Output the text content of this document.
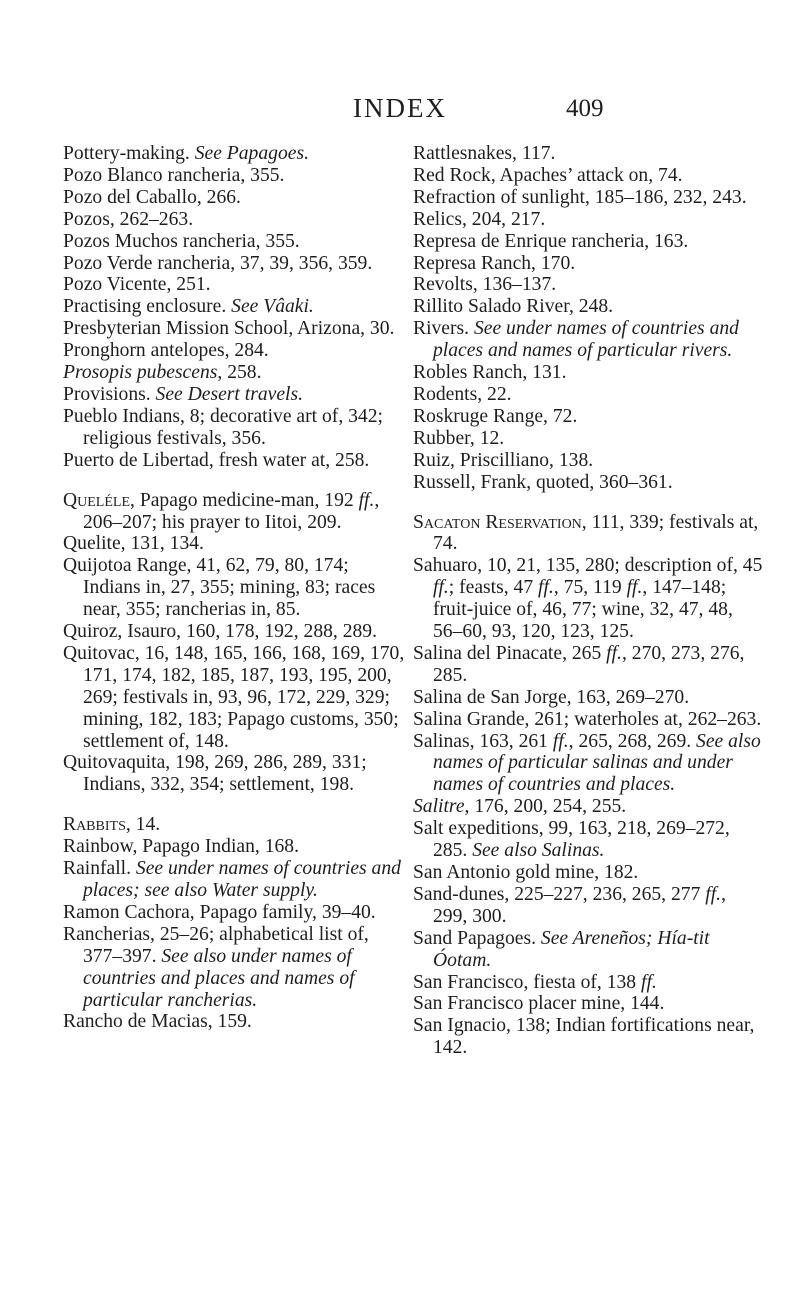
INDEX	409

Pottery-making. See Papagoes.

Pozo Blanco rancheria, 355.

Pozo del Caballo, 266.

Pozos, 262–263.

Pozos Muchos rancheria, 355.

Pozo Verde rancheria, 37, 39, 356, 359.

Pozo Vicente, 251.

Practising enclosure. See Vâaki.

Presbyterian Mission School, Arizona, 30.

Pronghorn antelopes, 284.

Prosopis pubescens, 258.

Provisions. See Desert travels.

Pueblo Indians, 8; decorative art of, 342; religious festivals, 356.

Puerto de Libertad, fresh water at, 258.

Queléle, Papago medicine-man, 192 ff., 206–207; his prayer to Iitoi, 209.

Quelite, 131, 134.

Quijotoa Range, 41, 62, 79, 80, 174; Indians in, 27, 355; mining, 83; races near, 355; rancherias in, 85.

Quiroz, Isauro, 160, 178, 192, 288, 289.

Quitovac, 16, 148, 165, 166, 168, 169, 170, 171, 174, 182, 185, 187, 193, 195, 200, 269; festivals in, 93, 96, 172, 229, 329; mining, 182, 183; Papago customs, 350; settlement of, 148.

Quitovaquita, 198, 269, 286, 289, 331; Indians, 332, 354; settlement, 198.

Rabbits, 14.

Rainbow, Papago Indian, 168.

Rainfall. See under names of countries and places; see also Water supply.

Ramon Cachora, Papago family, 39–40.

Rancherias, 25–26; alphabetical list of, 377–397. See also under names of countries and places and names of particular rancherias.

Rancho de Macias, 159.

Rattlesnakes, 117.

Red Rock, Apaches’ attack on, 74.

Refraction of sunlight, 185–186, 232, 243.

Relics, 204, 217.

Represa de Enrique rancheria, 163.

Represa Ranch, 170.

Revolts, 136–137.

Rillito Salado River, 248.

Rivers. See under names of countries and places and names of particular rivers.

Robles Ranch, 131.

Rodents, 22.

Roskruge Range, 72.

Rubber, 12.

Ruiz, Priscilliano, 138.

Russell, Frank, quoted, 360–361.

Sacaton Reservation, 111, 339; festivals at, 74.

Sahuaro, 10, 21, 135, 280; description of, 45 ff.; feasts, 47 ff., 75, 119 ff., 147–148; fruit-juice of, 46, 77; wine, 32, 47, 48, 56–60, 93, 120, 123, 125.

Salina del Pinacate, 265 ff., 270, 273, 276, 285.

Salina de San Jorge, 163, 269–270.

Salina Grande, 261; waterholes at, 262–263.

Salinas, 163, 261 ff., 265, 268, 269. See also names of particular salinas and under names of countries and places.

Salitre, 176, 200, 254, 255.

Salt expeditions, 99, 163, 218, 269–272, 285. See also Salinas.

San Antonio gold mine, 182.

Sand-dunes, 225–227, 236, 265, 277 ff., 299, 300.

Sand Papagoes. See Areneños; Hía-tit Óotam.

San Francisco, fiesta of, 138 ff.

San Francisco placer mine, 144.

San Ignacio, 138; Indian fortifications near, 142.
